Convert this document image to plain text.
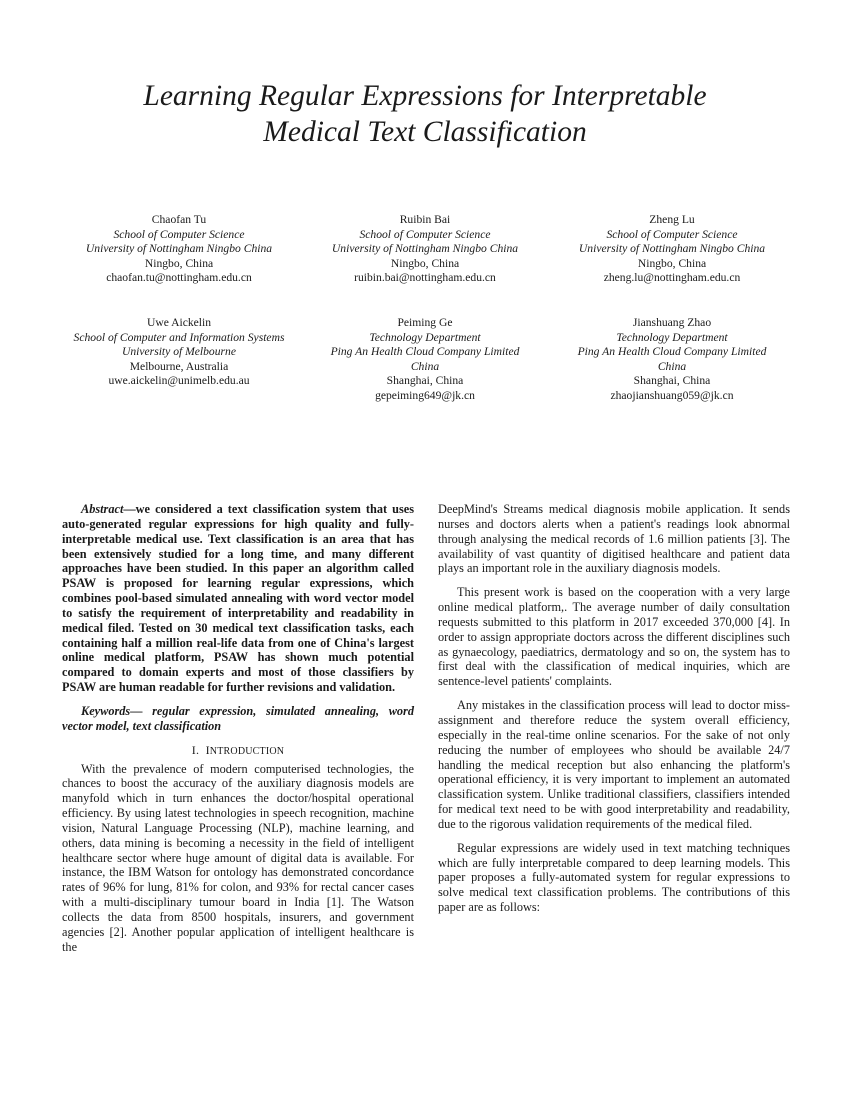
Learning Regular Expressions for Interpretable
Medical Text Classification
Chaofan Tu
School of Computer Science
University of Nottingham Ningbo China
Ningbo, China
chaofan.tu@nottingham.edu.cn
Ruibin Bai
School of Computer Science
University of Nottingham Ningbo China
Ningbo, China
ruibin.bai@nottingham.edu.cn
Zheng Lu
School of Computer Science
University of Nottingham Ningbo China
Ningbo, China
zheng.lu@nottingham.edu.cn
Uwe Aickelin
School of Computer and Information Systems
University of Melbourne
Melbourne, Australia
uwe.aickelin@unimelb.edu.au
Peiming Ge
Technology Department
Ping An Health Cloud Company Limited
China
Shanghai, China
gepeiming649@jk.cn
Jianshuang Zhao
Technology Department
Ping An Health Cloud Company Limited
China
Shanghai, China
zhaojianshuang059@jk.cn

Abstract—we considered a text classification system that uses auto-generated regular expressions for high quality and fully-interpretable medical use. Text classification is an area that has been extensively studied for a long time, and many different approaches have been studied. In this paper an algorithm called PSAW is proposed for learning regular expressions, which combines pool-based simulated annealing with word vector model to satisfy the requirement of interpretability and readability in medical filed. Tested on 30 medical text classification tasks, each containing half a million real-life data from one of China's largest online medical platform, PSAW has shown much potential compared to domain experts and most of those classifiers by PSAW are human readable for further revisions and validation.

Keywords— regular expression, simulated annealing, word vector model, text classification

I. INTRODUCTION

With the prevalence of modern computerised technologies, the chances to boost the accuracy of the auxiliary diagnosis models are manyfold which in turn enhances the doctor/hospital operational efficiency. By using latest technologies in speech recognition, machine vision, Natural Language Processing (NLP), machine learning, and others, data mining is becoming a necessity in the field of intelligent healthcare sector where huge amount of digital data is available. For instance, the IBM Watson for ontology has demonstrated concordance rates of 96% for lung, 81% for colon, and 93% for rectal cancer cases with a multi-disciplinary tumour board in India [1]. The Watson collects the data from 8500 hospitals, insurers, and government agencies [2]. Another popular application of intelligent healthcare is the

DeepMind's Streams medical diagnosis mobile application. It sends nurses and doctors alerts when a patient's readings look abnormal through analysing the medical records of 1.6 million patients [3]. The availability of vast quantity of digitised healthcare and patient data plays an important role in the auxiliary diagnosis models.

This present work is based on the cooperation with a very large online medical platform,. The average number of daily consultation requests submitted to this platform in 2017 exceeded 370,000 [4]. In order to assign appropriate doctors across the different disciplines such as gynaecology, paediatrics, dermatology and so on, the system has to first deal with the classification of medical inquiries, which are sentence-level patients' complaints.

Any mistakes in the classification process will lead to doctor miss-assignment and therefore reduce the system overall efficiency, especially in the real-time online scenarios. For the sake of not only reducing the number of employees who should be available 24/7 handling the medical reception but also enhancing the platform's operational efficiency, it is very important to implement an automated classification system. Unlike traditional classifiers, classifiers intended for medical text need to be with good interpretability and readability, due to the rigorous validation requirements of the medical filed.

Regular expressions are widely used in text matching techniques which are fully interpretable compared to deep learning models. This paper proposes a fully-automated system for regular expressions to solve medical text classification problems. The contributions of this paper are as follows:
